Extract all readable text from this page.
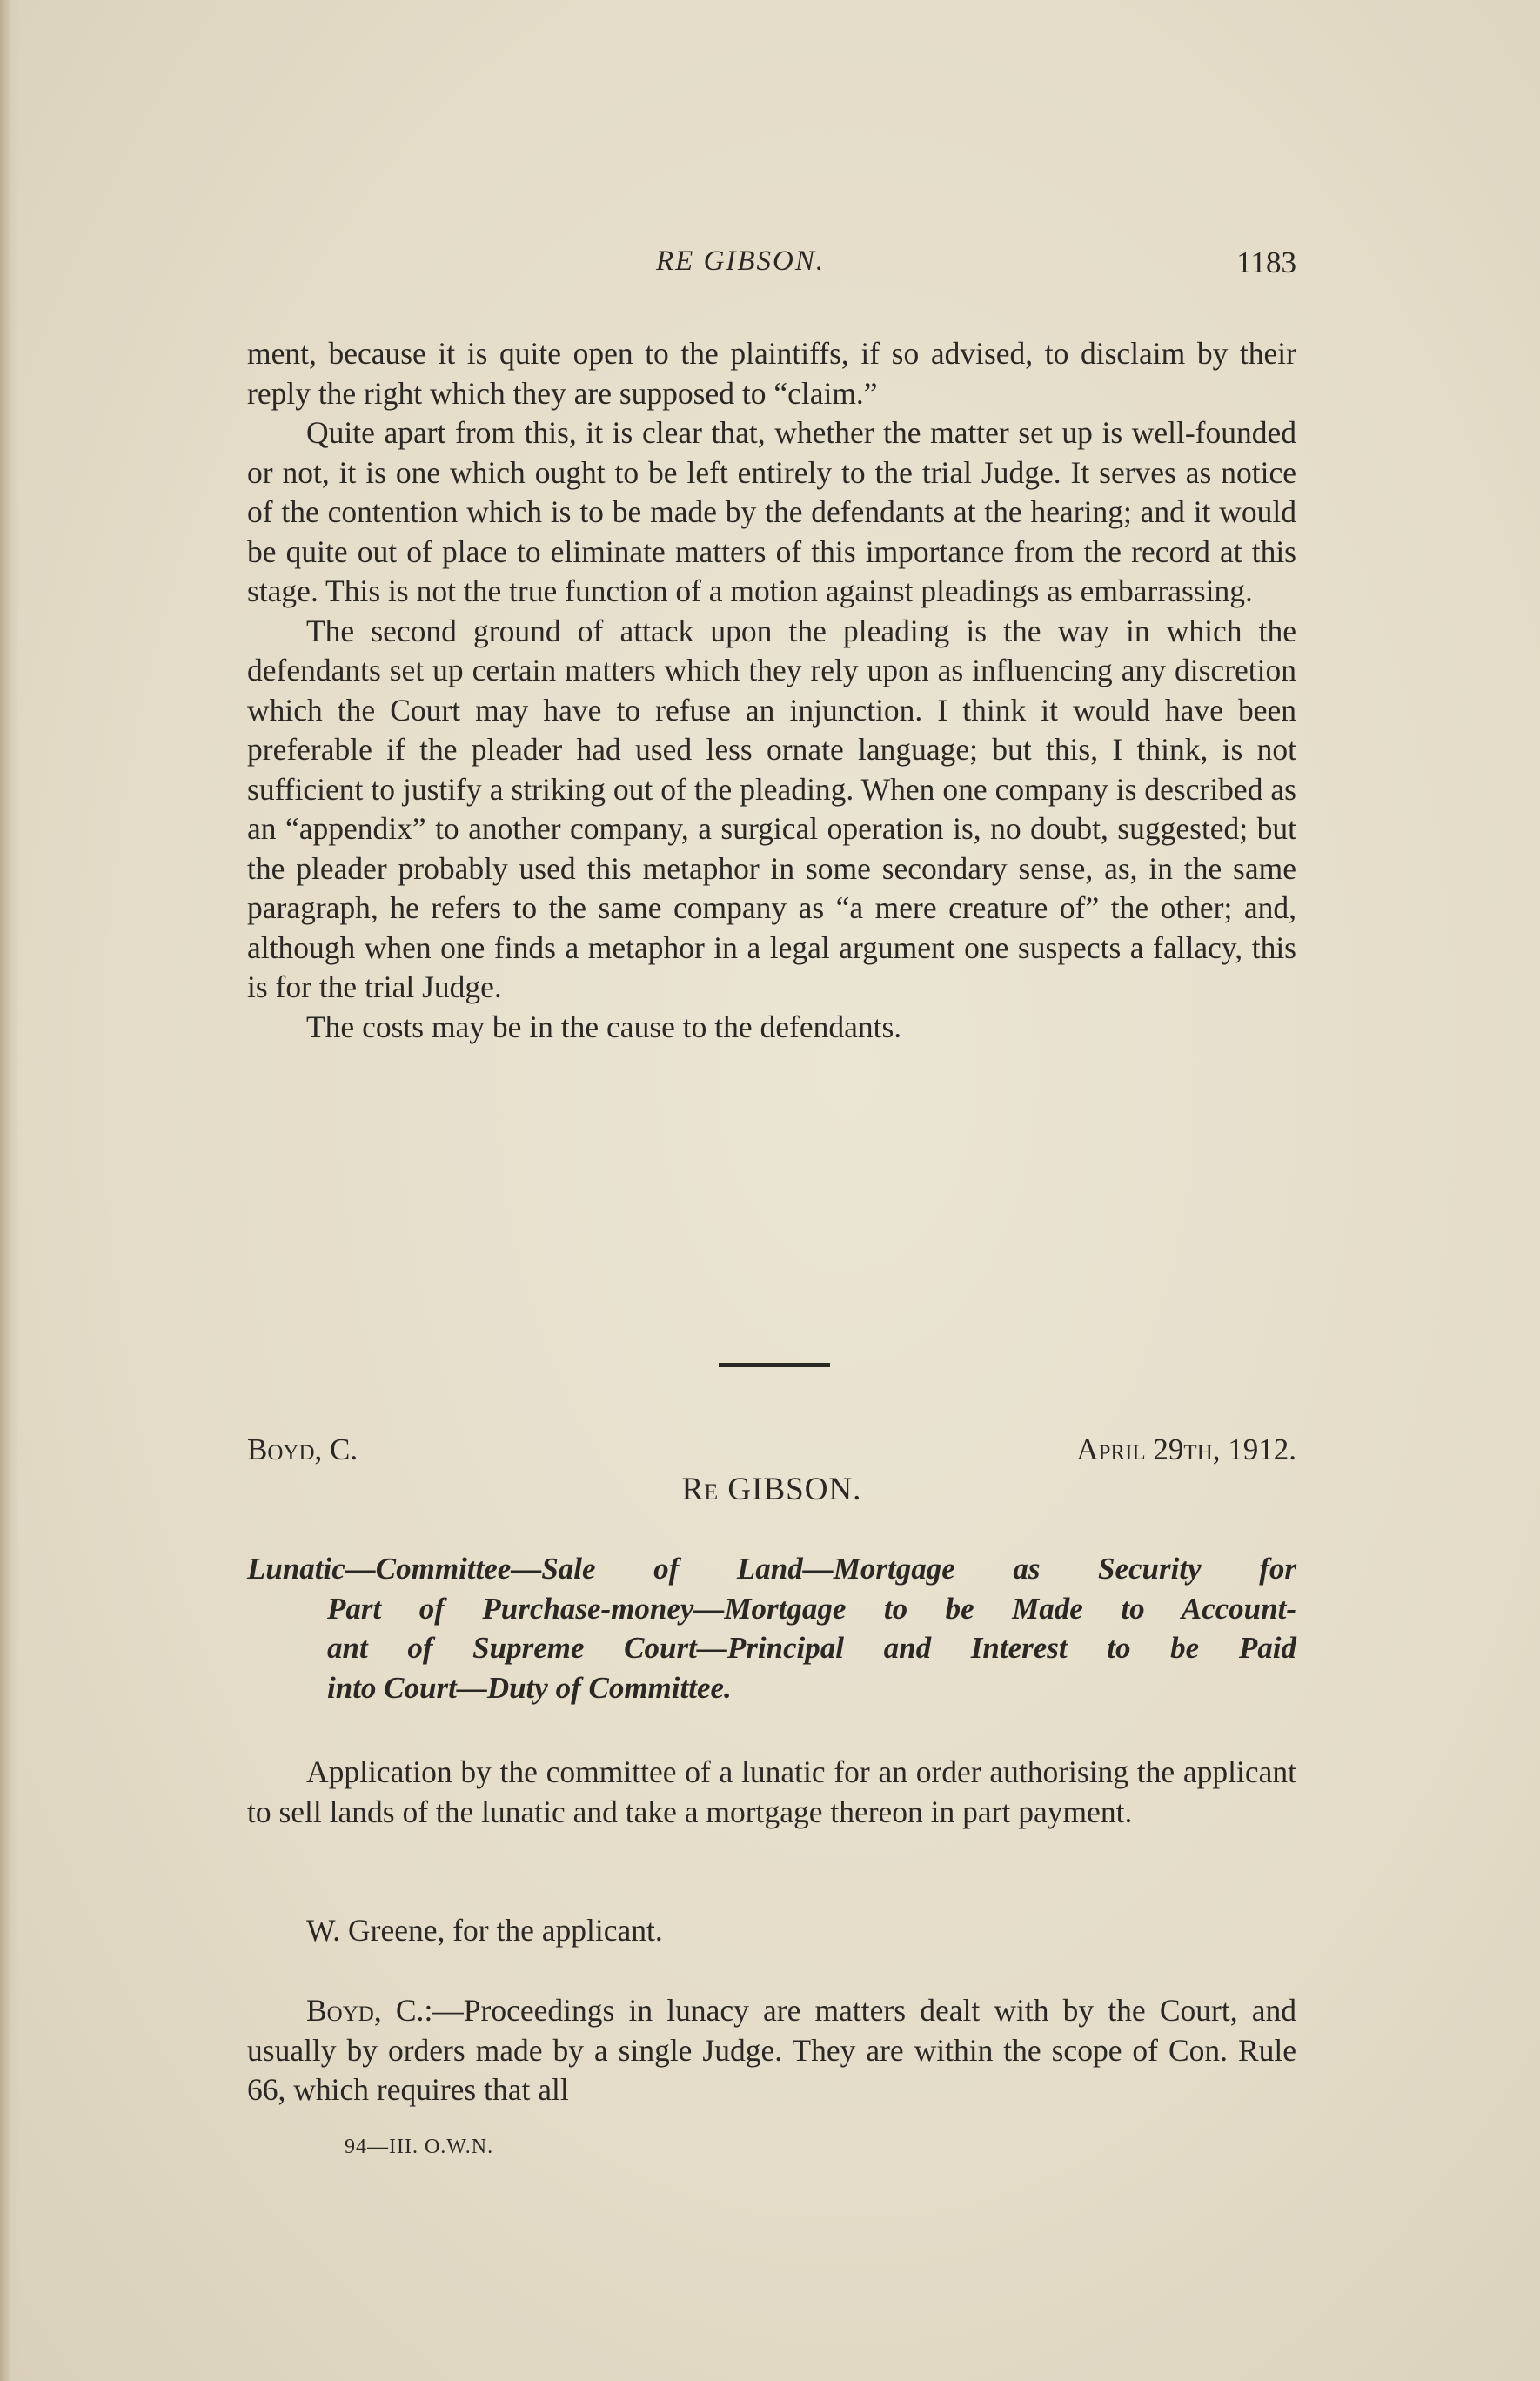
RE GIBSON.	1183

ment, because it is quite open to the plaintiffs, if so advised, to disclaim by their reply the right which they are supposed to “claim.”

Quite apart from this, it is clear that, whether the matter set up is well-founded or not, it is one which ought to be left entirely to the trial Judge. It serves as notice of the contention which is to be made by the defendants at the hearing; and it would be quite out of place to eliminate matters of this importance from the record at this stage. This is not the true function of a motion against pleadings as embarrassing.

The second ground of attack upon the pleading is the way in which the defendants set up certain matters which they rely upon as influencing any discretion which the Court may have to refuse an injunction. I think it would have been preferable if the pleader had used less ornate language; but this, I think, is not sufficient to justify a striking out of the pleading. When one company is described as an “appendix” to another company, a surgical operation is, no doubt, suggested; but the pleader probably used this metaphor in some secondary sense, as, in the same paragraph, he refers to the same company as “a mere creature of” the other; and, although when one finds a metaphor in a legal argument one suspects a fallacy, this is for the trial Judge.

The costs may be in the cause to the defendants.

Boyd, C.	April 29th, 1912.
Re GIBSON.
Lunatic—Committee—Sale of Land—Mortgage as Security for
Part of Purchase-money—Mortgage to be Made to Account-
ant of Supreme Court—Principal and Interest to be Paid
into Court—Duty of Committee.

Application by the committee of a lunatic for an order authorising the applicant to sell lands of the lunatic and take a mortgage thereon in part payment.

W. Greene, for the applicant.

Boyd, C.:—Proceedings in lunacy are matters dealt with by the Court, and usually by orders made by a single Judge. They are within the scope of Con. Rule 66, which requires that all

94—III. O.W.N.
